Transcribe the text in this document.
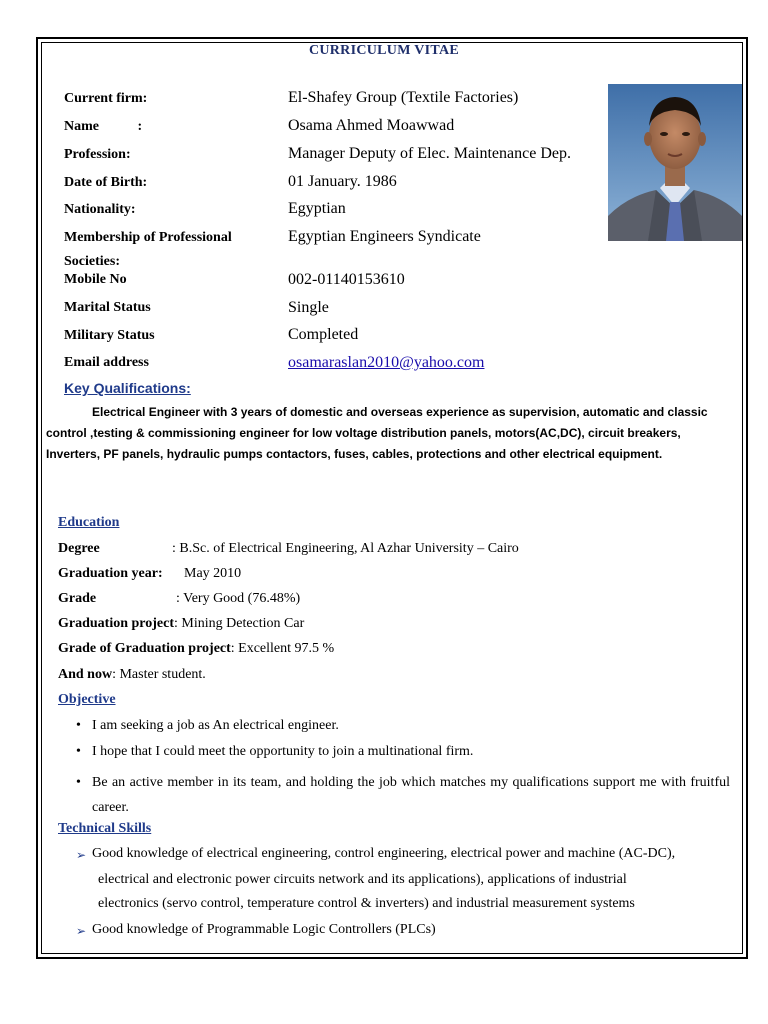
CURRICULUM VITAE
Current firm:	El-Shafey Group (Textile Factories)
Name           :	Osama Ahmed Moawwad
Profession:	Manager Deputy of Elec. Maintenance Dep.
Date of Birth:	01 January. 1986
Nationality:	Egyptian
Membership of Professional
Societies:
Egyptian Engineers Syndicate
Mobile No	002-01140153610
Marital Status	Single
Military Status	Completed
Email address	osamaraslan2010@yahoo.com
Key Qualifications:
Electrical Engineer with 3 years of domestic and overseas experience as supervision, automatic and classic control ,testing & commissioning engineer for low voltage distribution panels, motors(AC,DC), circuit breakers, Inverters, PF panels, hydraulic pumps contactors, fuses, cables, protections and other electrical equipment.
Education
Degree	: B.Sc. of Electrical Engineering, Al Azhar University – Cairo
Graduation year: May 2010
Grade	: Very Good (76.48%)
Graduation project: Mining Detection Car
Grade of Graduation project: Excellent 97.5 %
And now: Master student.
Objective
• I am seeking a job as An electrical engineer.
• I hope that I could meet the opportunity to join a multinational firm.
• Be an active member in its team, and holding the job which matches my qualifications support me with fruitful career.
Technical Skills
➢ Good knowledge of electrical engineering, control engineering, electrical power and machine (AC-DC),
electrical and electronic power circuits network and its applications), applications of industrial
electronics (servo control, temperature control & inverters) and industrial measurement systems
➢ Good knowledge of Programmable Logic Controllers (PLCs)
